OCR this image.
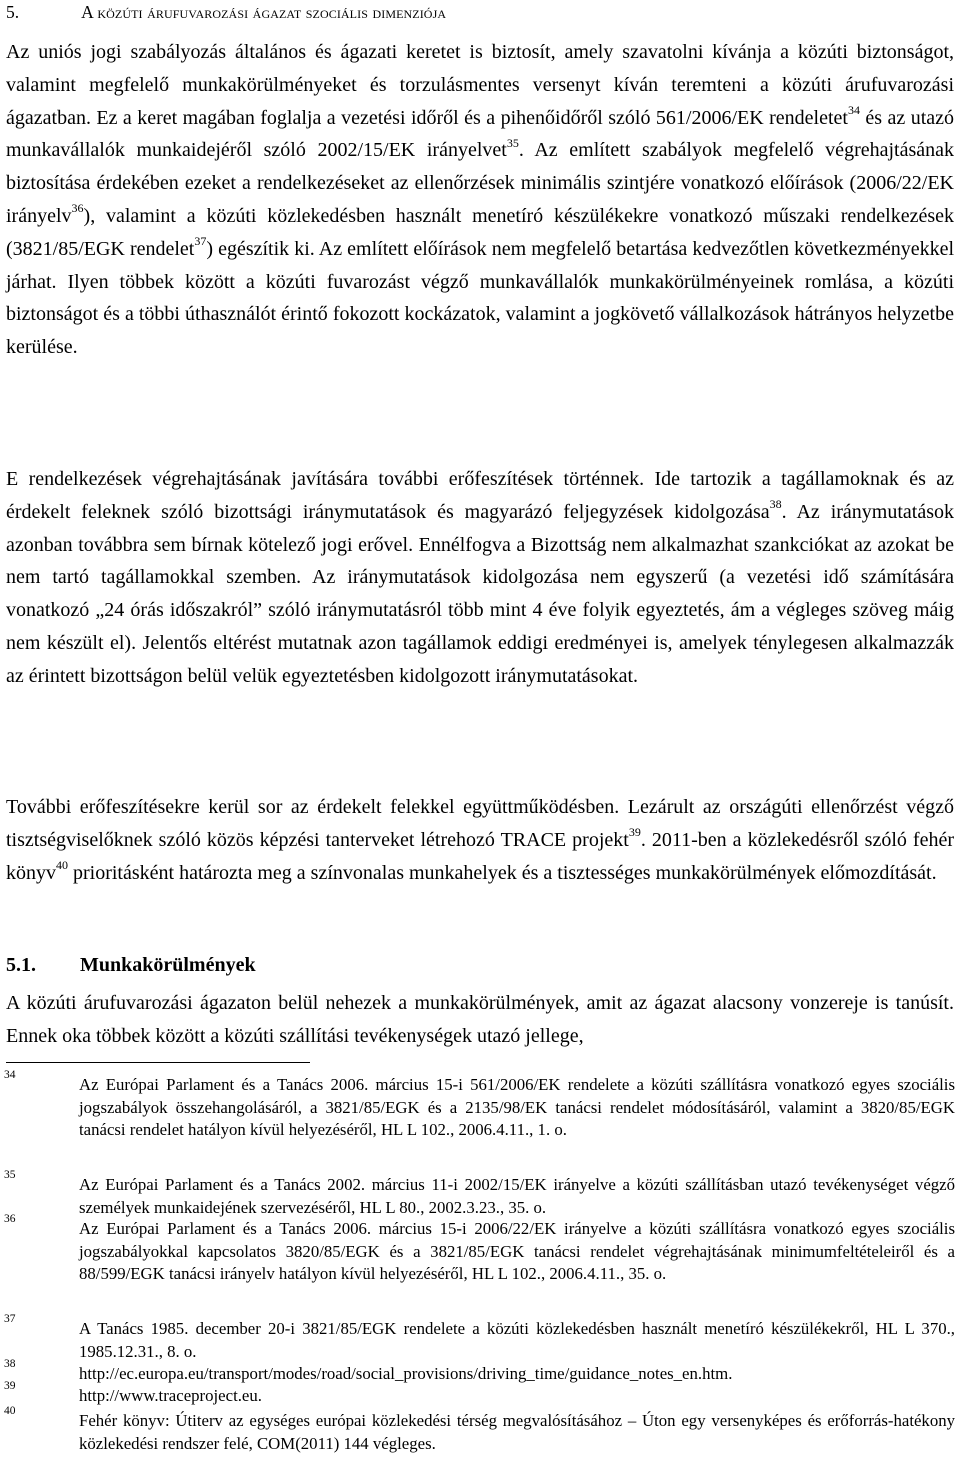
5.	A közúti árufuvarozási ágazat szociális dimenziója

Az uniós jogi szabályozás általános és ágazati keretet is biztosít, amely szavatolni kívánja a közúti biztonságot, valamint megfelelő munkakörülményeket és torzulásmentes versenyt kíván teremteni a közúti árufuvarozási ágazatban. Ez a keret magában foglalja a vezetési időről és a pihenőidőről szóló 561/2006/EK rendeletet$^{34}$ és az utazó munkavállalók munkaidejéről szóló 2002/15/EK irányelvet$^{35}$. Az említett szabályok megfelelő végrehajtásának biztosítása érdekében ezeket a rendelkezéseket az ellenőrzések minimális szintjére vonatkozó előírások (2006/22/EK irányelv$^{36}$), valamint a közúti közlekedésben használt menetíró készülékekre vonatkozó műszaki rendelkezések (3821/85/EGK rendelet$^{37}$) egészítik ki. Az említett előírások nem megfelelő betartása kedvezőtlen következményekkel járhat. Ilyen többek között a közúti fuvarozást végző munkavállalók munkakörülményeinek romlása, a közúti biztonságot és a többi úthasználót érintő fokozott kockázatok, valamint a jogkövető vállalkozások hátrányos helyzetbe kerülése.

E rendelkezések végrehajtásának javítására további erőfeszítések történnek. Ide tartozik a tagállamoknak és az érdekelt feleknek szóló bizottsági iránymutatások és magyarázó feljegyzések kidolgozása$^{38}$. Az iránymutatások azonban továbbra sem bírnak kötelező jogi erővel. Ennélfogva a Bizottság nem alkalmazhat szankciókat az azokat be nem tartó tagállamokkal szemben. Az iránymutatások kidolgozása nem egyszerű (a vezetési idő számítására vonatkozó „24 órás időszakról” szóló iránymutatásról több mint 4 éve folyik egyeztetés, ám a végleges szöveg máig nem készült el). Jelentős eltérést mutatnak azon tagállamok eddigi eredményei is, amelyek ténylegesen alkalmazzák az érintett bizottságon belül velük egyeztetésben kidolgozott iránymutatásokat.

További erőfeszítésekre kerül sor az érdekelt felekkel együttműködésben. Lezárult az országúti ellenőrzést végző tisztségviselőknek szóló közös képzési tanterveket létrehozó TRACE projekt$^{39}$. 2011-ben a közlekedésről szóló fehér könyv$^{40}$ prioritásként határozta meg a színvonalas munkahelyek és a tisztességes munkakörülmények előmozdítását.

5.1. Munkakörülmények

A közúti árufuvarozási ágazaton belül nehezek a munkakörülmények, amit az ágazat alacsony vonzereje is tanúsít. Ennek oka többek között a közúti szállítási tevékenységek utazó jellege,

34	Az Európai Parlament és a Tanács 2006. március 15-i 561/2006/EK rendelete a közúti szállításra vonatkozó egyes szociális jogszabályok összehangolásáról, a 3821/85/EGK és a 2135/98/EK tanácsi rendelet módosításáról, valamint a 3820/85/EGK tanácsi rendelet hatályon kívül helyezéséről, HL L 102., 2006.4.11., 1. o.
35	Az Európai Parlament és a Tanács 2002. március 11-i 2002/15/EK irányelve a közúti szállításban utazó tevékenységet végző személyek munkaidejének szervezéséről, HL L 80., 2002.3.23., 35. o.
36	Az Európai Parlament és a Tanács 2006. március 15-i 2006/22/EK irányelve a közúti szállításra vonatkozó egyes szociális jogszabályokkal kapcsolatos 3820/85/EGK és a 3821/85/EGK tanácsi rendelet végrehajtásának minimumfeltételeiről és a 88/599/EGK tanácsi irányelv hatályon kívül helyezéséről, HL L 102., 2006.4.11., 35. o.
37	A Tanács 1985. december 20-i 3821/85/EGK rendelete a közúti közlekedésben használt menetíró készülékekről, HL L 370., 1985.12.31., 8. o.
38	http://ec.europa.eu/transport/modes/road/social_provisions/driving_time/guidance_notes_en.htm.
39	http://www.traceproject.eu.
40	Fehér könyv: Útiterv az egységes európai közlekedési térség megvalósításához – Úton egy versenyképes és erőforrás-hatékony közlekedési rendszer felé, COM(2011) 144 végleges.
